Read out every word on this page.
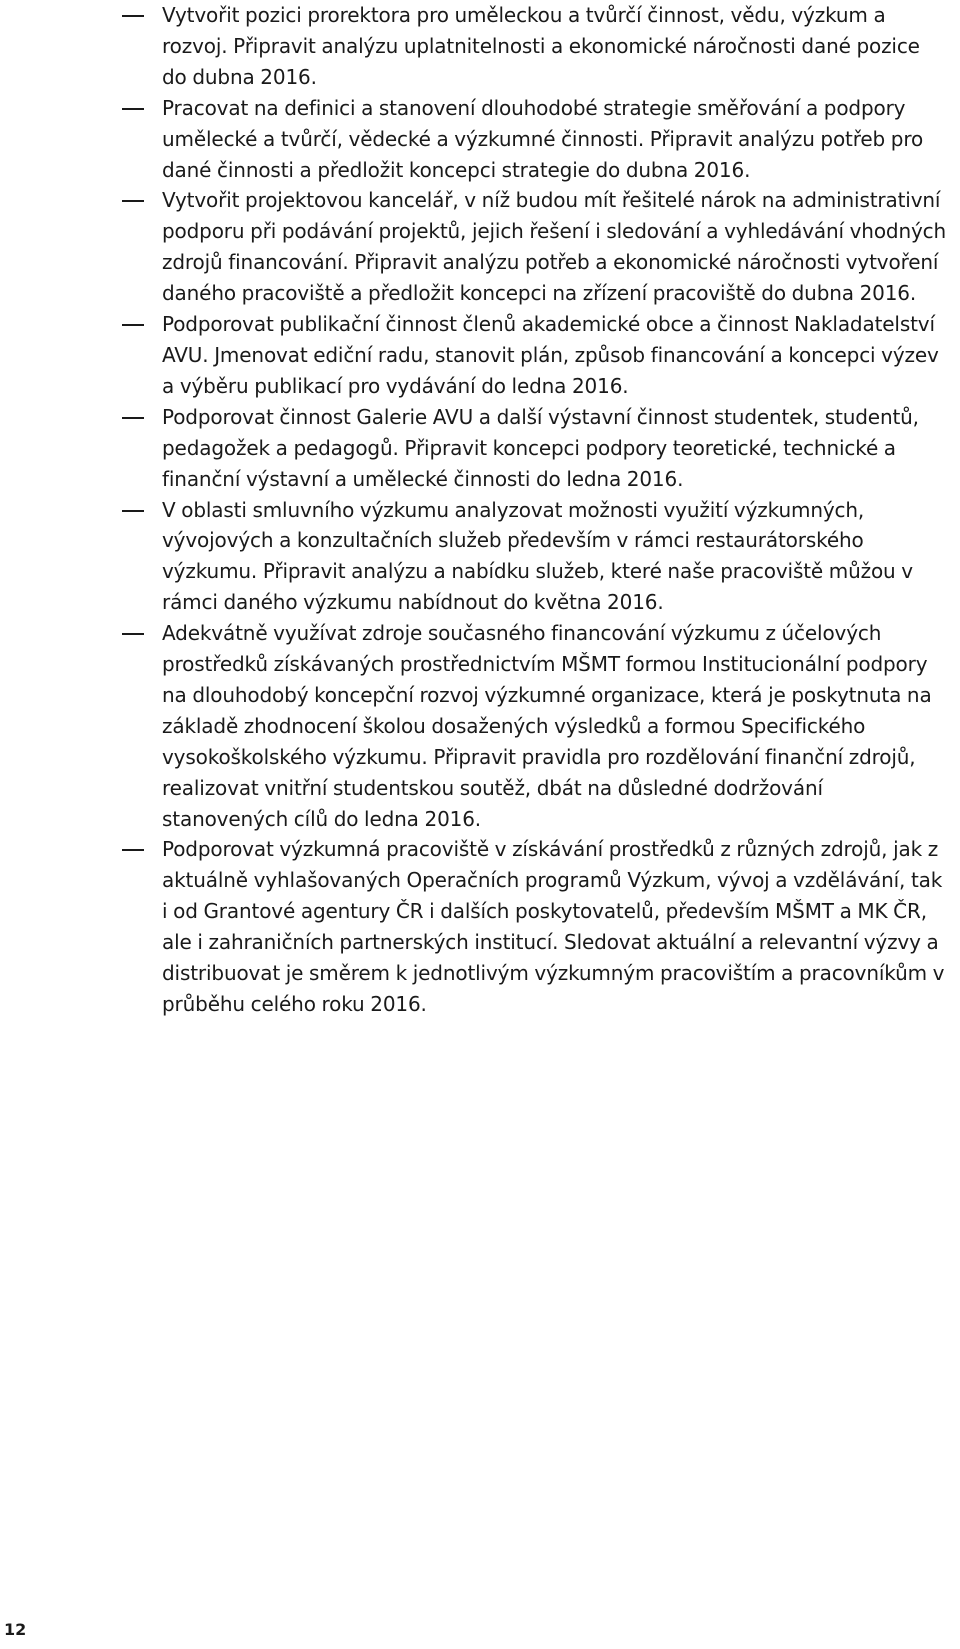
Vytvořit pozici prorektora pro uměleckou a tvůrčí činnost, vědu, výzkum a rozvoj. Připravit analýzu uplatnitelnosti a ekonomické náročnosti dané pozice do dubna 2016.
Pracovat na definici a stanovení dlouhodobé strategie směřování a podpory umělecké a tvůrčí, vědecké a výzkumné činnosti. Připravit analýzu potřeb pro dané činnosti a předložit koncepci strategie do dubna 2016.
Vytvořit projektovou kancelář, v níž budou mít řešitelé nárok na administrativní podporu při podávání projektů, jejich řešení i sledování a vyhledávání vhodných zdrojů financování. Připravit analýzu potřeb a ekonomické náročnosti vytvoření daného pracoviště a předložit koncepci na zřízení pracoviště do dubna 2016.
Podporovat publikační činnost členů akademické obce a činnost Nakladatelství AVU. Jmenovat ediční radu, stanovit plán, způsob financování a koncepci výzev a výběru publikací pro vydávání do ledna 2016.
Podporovat činnost Galerie AVU a další výstavní činnost studentek, studentů, pedagožek a pedagogů. Připravit koncepci podpory teoretické, technické a finanční výstavní a umělecké činnosti do ledna 2016.
V oblasti smluvního výzkumu analyzovat možnosti využití výzkumných, vývojových a konzultačních služeb především v rámci restaurátorského výzkumu. Připravit analýzu a nabídku služeb, které naše pracoviště můžou v rámci daného výzkumu nabídnout do května 2016.
Adekvátně využívat zdroje současného financování výzkumu z účelových prostředků získávaných prostřednictvím MŠMT formou Institucionální podpory na dlouhodobý koncepční rozvoj výzkumné organizace, která je poskytnuta na základě zhodnocení školou dosažených výsledků a formou Specifického vysokoškolského výzkumu. Připravit pravidla pro rozdělování finanční zdrojů, realizovat vnitřní studentskou soutěž, dbát na důsledné dodržování stanovených cílů do ledna 2016.
Podporovat výzkumná pracoviště v získávání prostředků z různých zdrojů, jak z aktuálně vyhlašovaných Operačních programů Výzkum, vývoj a vzdělávání, tak i od Grantové agentury ČR i dalších poskytovatelů, především MŠMT a MK ČR, ale i zahraničních partnerských institucí. Sledovat aktuální a relevantní výzvy a distribuovat je směrem k jednotlivým výzkumným pracovištím a pracovníkům v průběhu celého roku 2016.
12
